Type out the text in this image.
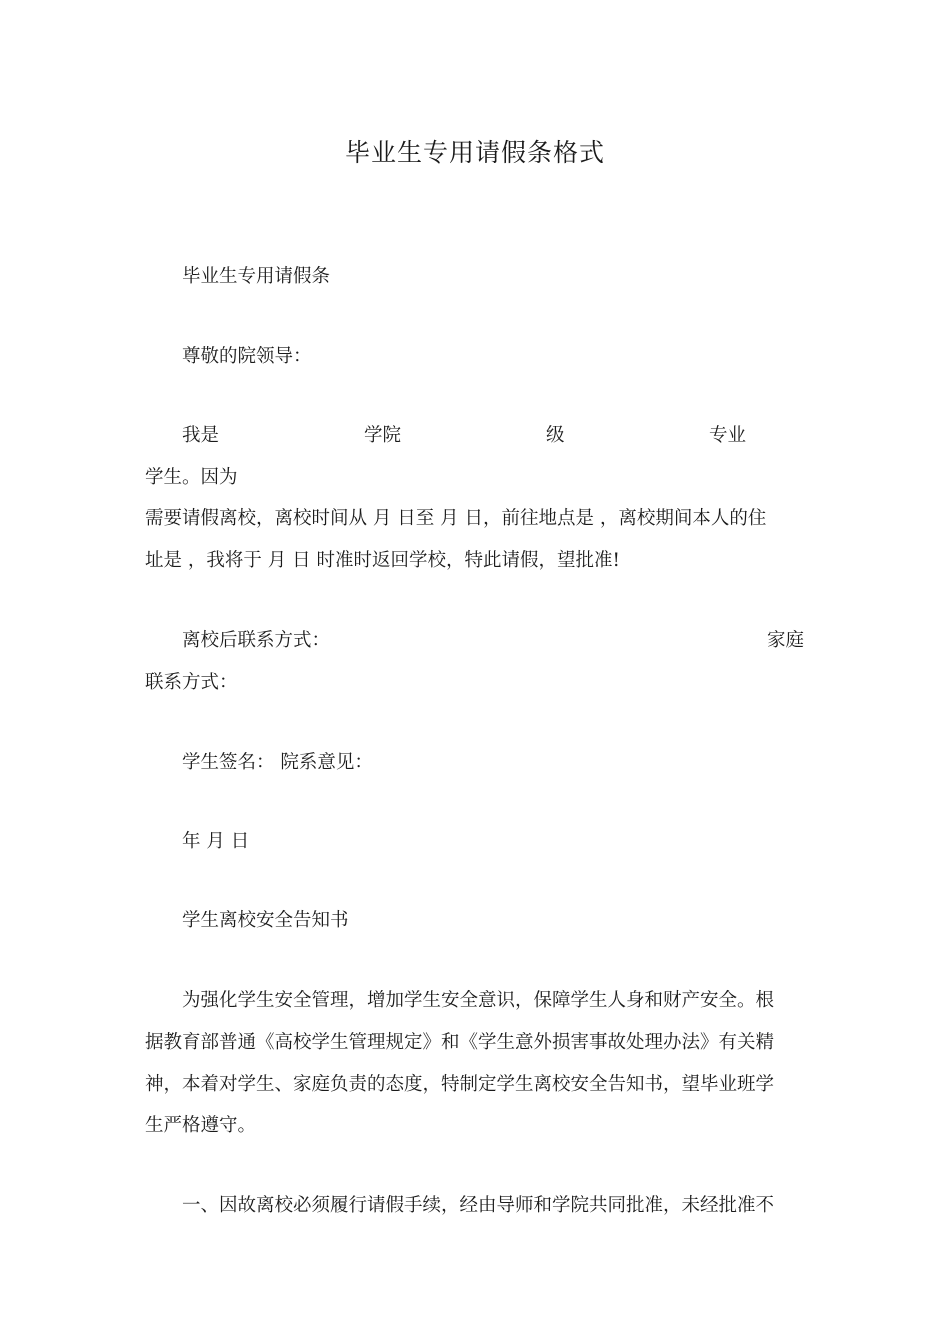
毕业生专用请假条格式
毕业生专用请假条
尊敬的院领导：
我是	学院	级	专业
学生。因为
需要请假离校，离校时间从 月 日至 月 日，前往地点是 ，离校期间本人的住
址是 ，我将于 月 日 时准时返回学校，特此请假，望批准!
离校后联系方式：	家庭
联系方式：
学生签名： 院系意见：
年 月 日
学生离校安全告知书
为强化学生安全管理，增加学生安全意识，保障学生人身和财产安全。根
据教育部普通《高校学生管理规定》和《学生意外损害事故处理办法》有关精
神，本着对学生、家庭负责的态度，特制定学生离校安全告知书，望毕业班学
生严格遵守。
一、因故离校必须履行请假手续，经由导师和学院共同批准，未经批准不
